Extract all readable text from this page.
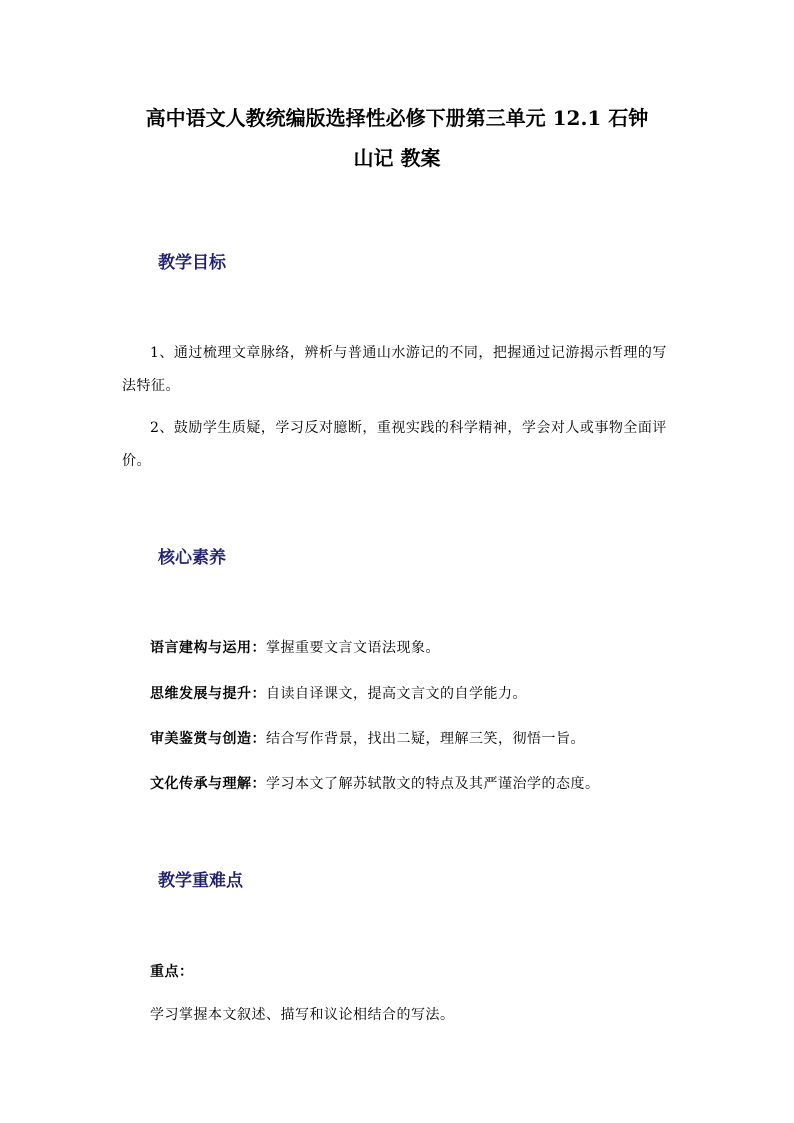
高中语文人教统编版选择性必修下册第三单元 12.1 石钟
山记 教案
教学目标
1、通过梳理文章脉络，辨析与普通山水游记的不同，把握通过记游揭示哲理的写法特征。
2、鼓励学生质疑，学习反对臆断，重视实践的科学精神，学会对人或事物全面评价。
核心素养
语言建构与运用：掌握重要文言文语法现象。
思维发展与提升：自读自译课文，提高文言文的自学能力。
审美鉴赏与创造：结合写作背景，找出二疑，理解三笑，彻悟一旨。
文化传承与理解：学习本文了解苏轼散文的特点及其严谨治学的态度。
教学重难点
重点：
学习掌握本文叙述、描写和议论相结合的写法。
